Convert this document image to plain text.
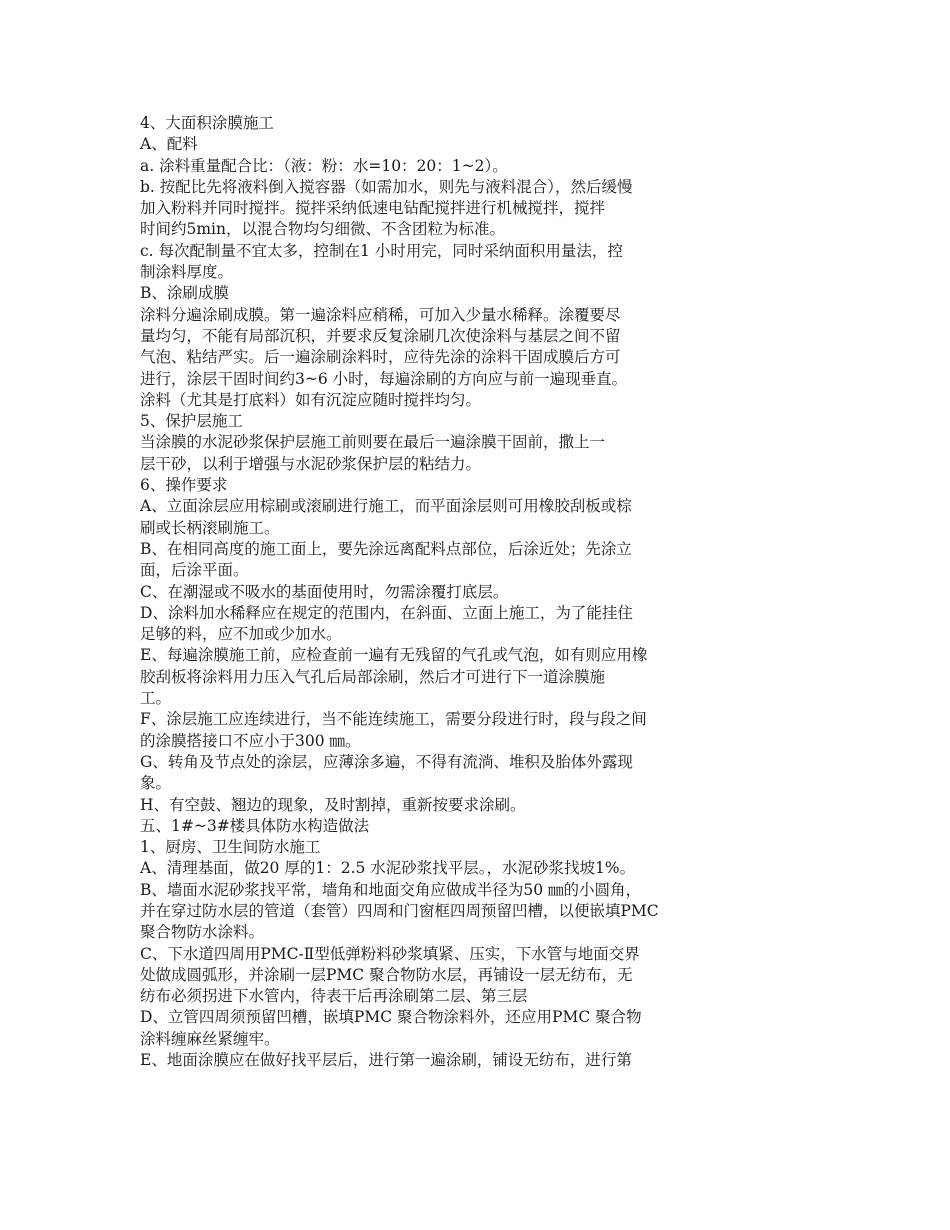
4、大面积涂膜施工
A、配料
a. 涂料重量配合比：（液：粉：水=10：20：1~2）。
b. 按配比先将液料倒入搅容器（如需加水，则先与液料混合），然后缓慢
加入粉料并同时搅拌。搅拌采纳低速电钻配搅拌进行机械搅拌，搅拌
时间约5min，以混合物均匀细微、不含团粒为标准。
c. 每次配制量不宜太多，控制在1 小时用完，同时采纳面积用量法，控
制涂料厚度。
B、涂刷成膜
涂料分遍涂刷成膜。第一遍涂料应稍稀，可加入少量水稀释。涂覆要尽
量均匀，不能有局部沉积，并要求反复涂刷几次使涂料与基层之间不留
气泡、粘结严实。后一遍涂刷涂料时，应待先涂的涂料干固成膜后方可
进行，涂层干固时间约3~6 小时，每遍涂刷的方向应与前一遍现垂直。
涂料（尤其是打底料）如有沉淀应随时搅拌均匀。
5、保护层施工
当涂膜的水泥砂浆保护层施工前则要在最后一遍涂膜干固前，撒上一
层干砂，以利于增强与水泥砂浆保护层的粘结力。
6、操作要求
A、立面涂层应用棕刷或滚刷进行施工，而平面涂层则可用橡胶刮板或棕
刷或长柄滚刷施工。
B、在相同高度的施工面上，要先涂远离配料点部位，后涂近处；先涂立
面，后涂平面。
C、在潮湿或不吸水的基面使用时，勿需涂覆打底层。
D、涂料加水稀释应在规定的范围内，在斜面、立面上施工，为了能挂住
足够的料，应不加或少加水。
E、每遍涂膜施工前，应检查前一遍有无残留的气孔或气泡，如有则应用橡
胶刮板将涂料用力压入气孔后局部涂刷，然后才可进行下一道涂膜施
工。
F、涂层施工应连续进行，当不能连续施工，需要分段进行时，段与段之间
的涂膜搭接口不应小于300 ㎜。
G、转角及节点处的涂层，应薄涂多遍，不得有流淌、堆积及胎体外露现
象。
H、有空鼓、翘边的现象，及时割掉，重新按要求涂刷。
五、1#~3#楼具体防水构造做法
1、厨房、卫生间防水施工
A、清理基面，做20 厚的1：2.5 水泥砂浆找平层。，水泥砂浆找坡1%。
B、墙面水泥砂浆找平常，墙角和地面交角应做成半径为50 ㎜的小圆角，
并在穿过防水层的管道（套管）四周和门窗框四周预留凹槽，以便嵌填PMC
聚合物防水涂料。
C、下水道四周用PMC-Ⅱ型低弹粉料砂浆填紧、压实，下水管与地面交界
处做成圆弧形，并涂刷一层PMC 聚合物防水层，再铺设一层无纺布，无
纺布必须拐进下水管内，待表干后再涂刷第二层、第三层
D、立管四周须预留凹槽，嵌填PMC 聚合物涂料外，还应用PMC 聚合物
涂料缠麻丝紧缠牢。
E、地面涂膜应在做好找平层后，进行第一遍涂刷，铺设无纺布，进行第
